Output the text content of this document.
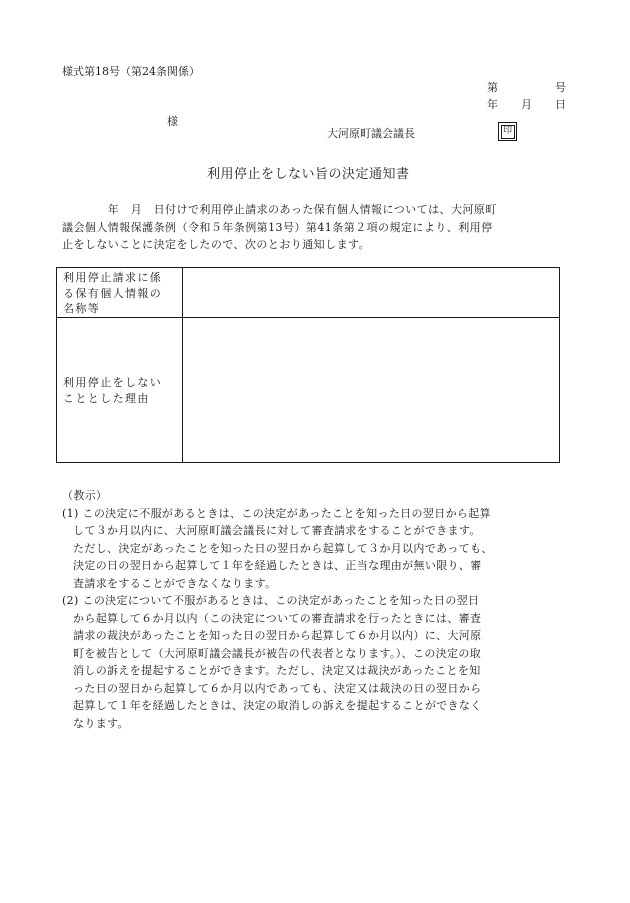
様式第18号（第24条関係）
第	号
年 月 日
様
大河原町議会議長	印
利用停止をしない旨の決定通知書
　　　　年　月　日付けで利用停止請求のあった保有個人情報については、大河原町
議会個人情報保護条例（令和５年条例第13号）第41条第２項の規定により、利用停
止をしないことに決定をしたので、次のとおり通知します。
利用停止請求に係
る保有個人情報の
名称等
利用停止をしない
こととした理由
（教示）
(1) この決定に不服があるときは、この決定があったことを知った日の翌日から起算
して３か月以内に、大河原町議会議長に対して審査請求をすることができます。
ただし、決定があったことを知った日の翌日から起算して３か月以内であっても、
決定の日の翌日から起算して１年を経過したときは、正当な理由が無い限り、審
査請求をすることができなくなります。
(2) この決定について不服があるときは、この決定があったことを知った日の翌日
から起算して６か月以内（この決定についての審査請求を行ったときには、審査
請求の裁決があったことを知った日の翌日から起算して６か月以内）に、大河原
町を被告として（大河原町議会議長が被告の代表者となります。）、この決定の取
消しの訴えを提起することができます。ただし、決定又は裁決があったことを知
った日の翌日から起算して６か月以内であっても、決定又は裁決の日の翌日から
起算して１年を経過したときは、決定の取消しの訴えを提起することができなく
なります。
